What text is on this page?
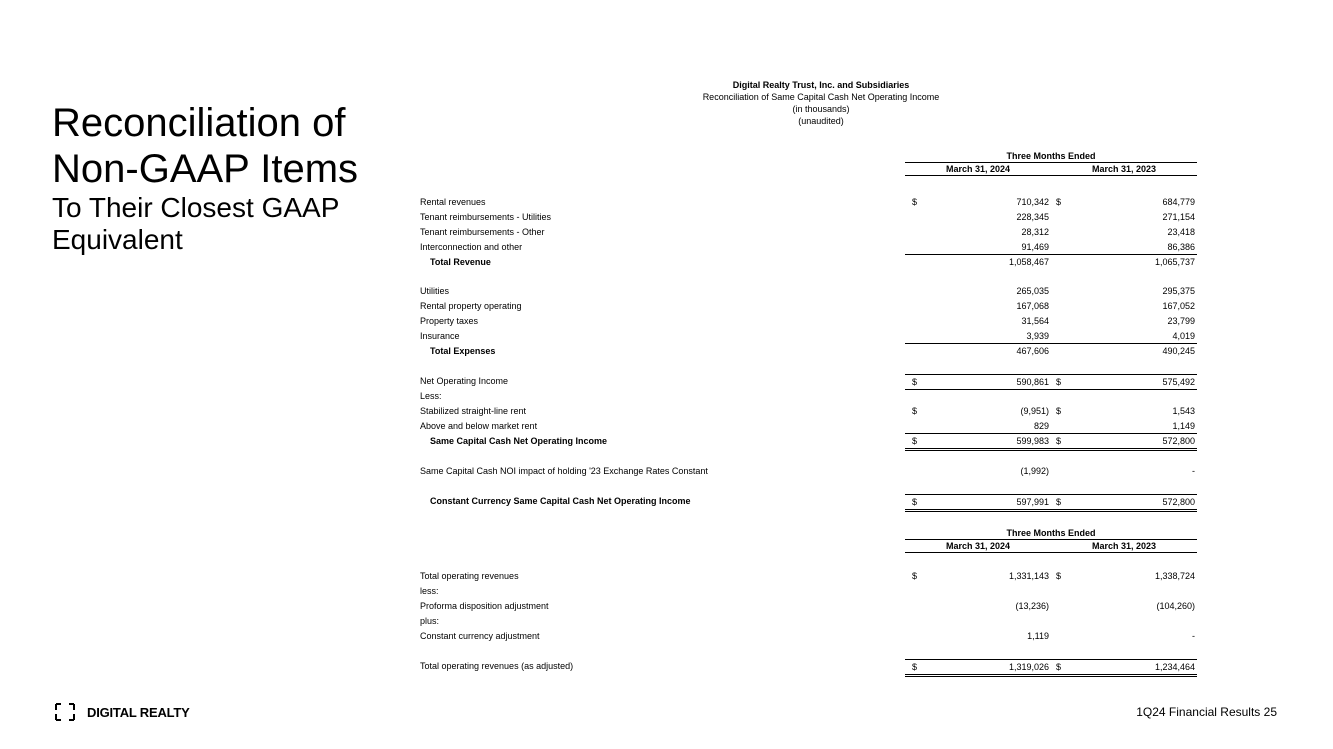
Reconciliation of
Non-GAAP Items
To Their Closest GAAP Equivalent
Digital Realty Trust, Inc. and Subsidiaries
Reconciliation of Same Capital Cash Net Operating Income
(in thousands)
(unaudited)
Three Months Ended
March 31, 2024	March 31, 2023
Three Months Ended
March 31, 2024	March 31, 2023
Rental revenues	$	710,342 $	684,779
Tenant reimbursements - Utilities	228,345	271,154
Tenant reimbursements - Other	28,312	23,418
Interconnection and other	91,469	86,386
Total Revenue	1,058,467	1,065,737
Utilities	265,035	295,375
Rental property operating	167,068	167,052
Property taxes	31,564	23,799
Insurance	3,939	4,019
Total Expenses	467,606	490,245
Net Operating Income	$	590,861 $	575,492
Less:
Stabilized straight-line rent	$	(9,951) $	1,543
Above and below market rent	829	1,149
Same Capital Cash Net Operating Income	$	599,983 $	572,800
Same Capital Cash NOI impact of holding '23 Exchange Rates Constant	(1,992)	-
Constant Currency Same Capital Cash Net Operating Income	$	597,991 $	572,800
Total operating revenues	$	1,331,143 $	1,338,724
less:
Proforma disposition adjustment	(13,236)	(104,260)
plus:
Constant currency adjustment	1,119	-
Total operating revenues (as adjusted)	$	1,319,026 $	1,234,464
DIGITAL REALTY	1Q24 Financial Results 25
